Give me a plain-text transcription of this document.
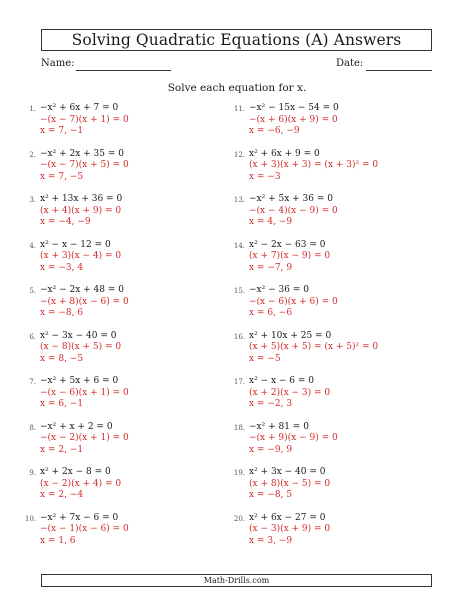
Solving Quadratic Equations (A) Answers
Name:	Date:
Solve each equation for x.
1. −x² + 6x + 7 = 0
−(x − 7)(x + 1) = 0
x = 7, −1
2. −x² + 2x + 35 = 0
−(x − 7)(x + 5) = 0
x = 7, −5
3. x² + 13x + 36 = 0
(x + 4)(x + 9) = 0
x = −4, −9
4. x² − x − 12 = 0
(x + 3)(x − 4) = 0
x = −3, 4
5. −x² − 2x + 48 = 0
−(x + 8)(x − 6) = 0
x = −8, 6
6. x² − 3x − 40 = 0
(x − 8)(x + 5) = 0
x = 8, −5
7. −x² + 5x + 6 = 0
−(x − 6)(x + 1) = 0
x = 6, −1
8. −x² + x + 2 = 0
−(x − 2)(x + 1) = 0
x = 2, −1
9. x² + 2x − 8 = 0
(x − 2)(x + 4) = 0
x = 2, −4
10. −x² + 7x − 6 = 0
−(x − 1)(x − 6) = 0
x = 1, 6
11. −x² − 15x − 54 = 0
−(x + 6)(x + 9) = 0
x = −6, −9
12. x² + 6x + 9 = 0
(x + 3)(x + 3) = (x + 3)² = 0
x = −3
13. −x² + 5x + 36 = 0
−(x − 4)(x − 9) = 0
x = 4, −9
14. x² − 2x − 63 = 0
(x + 7)(x − 9) = 0
x = −7, 9
15. −x² − 36 = 0
−(x − 6)(x + 6) = 0
x = 6, −6
16. x² + 10x + 25 = 0
(x + 5)(x + 5) = (x + 5)² = 0
x = −5
17. x² − x − 6 = 0
(x + 2)(x − 3) = 0
x = −2, 3
18. −x² + 81 = 0
−(x + 9)(x − 9) = 0
x = −9, 9
19. x² + 3x − 40 = 0
(x + 8)(x − 5) = 0
x = −8, 5
20. x² + 6x − 27 = 0
(x − 3)(x + 9) = 0
x = 3, −9
Math-Drills.com
